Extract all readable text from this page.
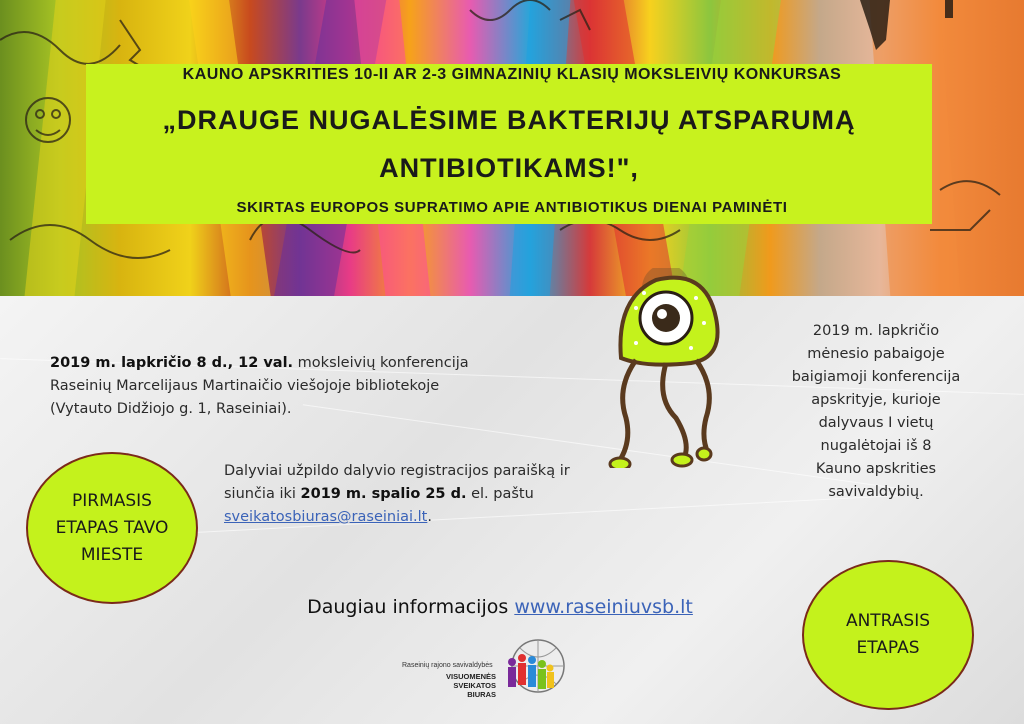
KAUNO APSKRITIES 10-II AR 2-3 GIMNAZINIŲ KLASIŲ MOKSLEIVIŲ KONKURSAS
„DRAUGE NUGALĖSIME BAKTERIJŲ ATSPARUMĄ
ANTIBIOTIKAMS!",
SKIRTAS EUROPOS SUPRATIMO APIE ANTIBIOTIKUS DIENAI PAMINĖTI
2019 m. lapkričio 8 d., 12 val. moksleivių konferencija
Raseinių Marcelijaus Martinaičio viešojoje bibliotekoje
(Vytauto Didžiojo g. 1, Raseiniai).
Dalyviai užpildo dalyvio registracijos paraišką ir
siunčia iki 2019 m. spalio 25 d. el. paštu
sveikatosbiuras@raseiniai.lt.
2019 m. lapkričio
mėnesio pabaigoje
baigiamoji konferencija
apskrityje, kurioje
dalyvaus I vietų
nugalėtojai iš 8
Kauno apskrities
savivaldybių.
PIRMASIS
ETAPAS TAVO
MIESTE
ANTRASIS
ETAPAS
Daugiau informacijos www.raseiniuvsb.lt
Raseinių rajono savivaldybės
VISUOMENĖS
SVEIKATOS
BIURAS
